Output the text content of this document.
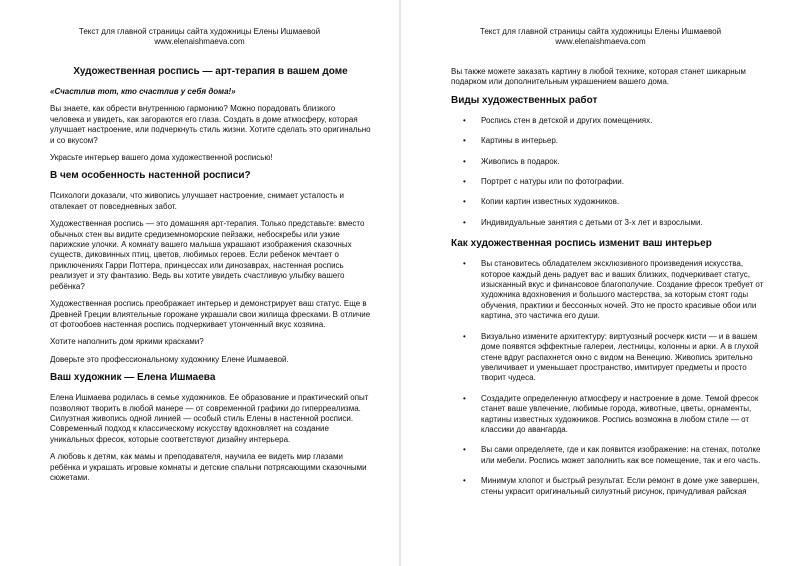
Текст для главной страницы сайта художницы Елены Ишмаевой
www.elenaishmaeva.com
Художественная роспись — арт-терапия в вашем доме

«Счастлив тот, кто счастлив у себя дома!»

Вы знаете, как обрести внутреннюю гармонию? Можно порадовать близкого человека и увидеть, как загораются его глаза. Создать в доме атмосферу, которая улучшает настроение, или подчеркнуть стиль жизни. Хотите сделать это оригинально и со вкусом?

Украсьте интерьер вашего дома художественной росписью!

В чем особенность настенной росписи?

Психологи доказали, что живопись улучшает настроение, снимает усталость и отвлекает от повседневных забот.

Художественная роспись — это домашняя арт-терапия. Только представьте: вместо обычных стен вы видите средиземноморские пейзажи, небоскребы или узкие парижские улочки. А комнату вашего малыша украшают изображения сказочных существ, диковинных птиц, цветов, любимых героев. Если ребенок мечтает о приключениях Гарри Поттера, принцессах или динозаврах, настенная роспись реализует и эту фантазию. Ведь вы хотите увидеть счастливую улыбку вашего ребёнка?

Художественная роспись преображает интерьер и демонстрирует ваш статус. Еще в Древней Греции влиятельные горожане украшали свои жилища фресками. В отличие от фотообоев настенная роспись подчеркивает утонченный вкус хозяина.

Хотите наполнить дом яркими красками?

Доверьте это профессиональному художнику Елене Ишмаевой.

Ваш художник — Елена Ишмаева

Елена Ишмаева родилась в семье художников. Ее образование и практический опыт позволяют творить в любой манере — от современной графики до гиперреализма. Силуэтная живопись одной линией — особый стиль Елены в настенной росписи. Современный подход к классическому искусству вдохновляет на создание уникальных фресок, которые соответствуют дизайну интерьера.

А любовь к детям, как мамы и преподавателя, научила ее видеть мир глазами ребёнка и украшать игровые комнаты и детские спальни потрясающими сказочными сюжетами.

Текст для главной страницы сайта художницы Елены Ишмаевой
www.elenaishmaeva.com

Вы также можете заказать картину в любой технике, которая станет шикарным подарком или дополнительным украшением вашего дома.

Виды художественных работ
• Роспись стен в детской и других помещениях.
• Картины в интерьер.
• Живопись в подарок.
• Портрет с натуры или по фотографии.
• Копии картин известных художников.
• Индивидуальные занятия с детьми от 3-х лет и взрослыми.
Как художественная роспись изменит ваш интерьер
• Вы становитесь обладателем эксклюзивного произведения искусства, которое каждый день радует вас и ваших близких, подчеркивает статус, изысканный вкус и финансовое благополучие. Создание фресок требует от художника вдохновения и большого мастерства, за которым стоят годы обучения, практики и бессонных ночей. Это не просто красивые обои или картина, это частичка его души.
• Визуально измените архитектуру: виртуозный росчерк кисти — и в вашем доме появятся эффектные галереи, лестницы, колонны и арки. А в глухой стене вдруг распахнется окно с видом на Венецию. Живопись зрительно увеличивает и уменьшает пространство, имитирует предметы и просто творит чудеса.
• Создадите определенную атмосферу и настроение в доме. Темой фресок станет ваше увлечение, любимые города, животные, цветы, орнаменты, картины известных художников. Роспись возможна в любом стиле — от классики до авангарда.
• Вы сами определяете, где и как появится изображение: на стенах, потолке или мебели. Роспись может заполнить как все помещение, так и его часть.
• Минимум хлопот и быстрый результат. Если ремонт в доме уже завершен, стены украсит оригинальный силуэтный рисунок, причудливая райская
